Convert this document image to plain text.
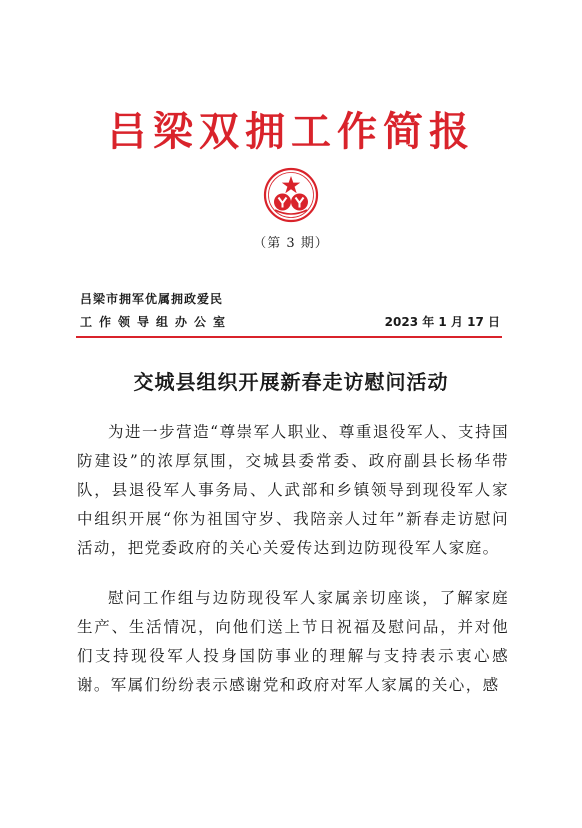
吕梁双拥工作简报
（第 3 期）
吕梁市拥军优属拥政爱民
工作领导组办公室	2023 年 1 月 17 日
交城县组织开展新春走访慰问活动

为进一步营造“尊崇军人职业、尊重退役军人、支持国防建设”的浓厚氛围，交城县委常委、政府副县长杨华带队，县退役军人事务局、人武部和乡镇领导到现役军人家中组织开展“你为祖国守岁、我陪亲人过年”新春走访慰问活动，把党委政府的关心关爱传达到边防现役军人家庭。

慰问工作组与边防现役军人家属亲切座谈，了解家庭生产、生活情况，向他们送上节日祝福及慰问品，并对他们支持现役军人投身国防事业的理解与支持表示衷心感谢。军属们纷纷表示感谢党和政府对军人家属的关心，感
